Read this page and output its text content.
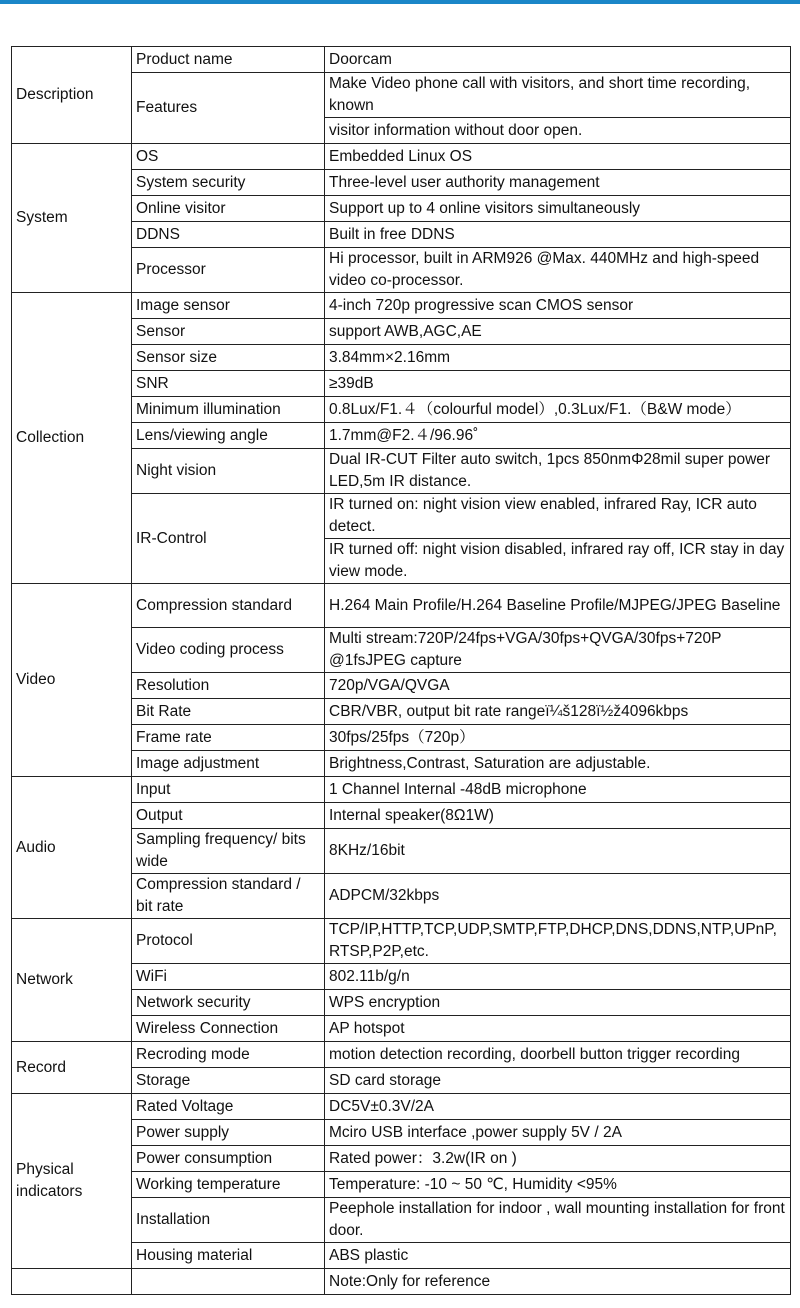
Description	Product name	Doorcam
	Features	Make Video phone call with visitors, and short time recording, known
		visitor information without door open.
System	OS	Embedded Linux OS
	System security	Three-level user authority management
	Online visitor	Support up to 4 online visitors simultaneously
	DDNS	Built in free DDNS
	Processor	Hi processor, built in ARM926 @Max. 440MHz and high-speed video co-processor.
Collection	Image sensor	4-inch 720p progressive scan CMOS sensor
	Sensor	support AWB,AGC,AE
	Sensor size	3.84mm×2.16mm
	SNR	≥39dB
	Minimum illumination	0.8Lux/F1.４（colourful model）,0.3Lux/F1.（B&W mode）
	Lens/viewing angle	1.7mm@F2.４/96.96˚
	Night vision	Dual IR-CUT Filter auto switch, 1pcs 850nmΦ28mil super power LED,5m IR distance.
	IR-Control	IR turned on: night vision view enabled, infrared Ray, ICR auto detect.
		IR turned off: night vision disabled, infrared ray off, ICR stay in day view mode.
Video	Compression standard	H.264 Main Profile/H.264 Baseline Profile/MJPEG/JPEG Baseline
	Video coding process	Multi stream:720P/24fps+VGA/30fps+QVGA/30fps+720P @1fsJPEG capture
	Resolution	720p/VGA/QVGA
	Bit Rate	CBR/VBR, output bit rate rangeï¼š128ï½ž4096kbps
	Frame rate	30fps/25fps（720p）
	Image adjustment	Brightness,Contrast, Saturation are adjustable.
Audio	Input	1 Channel Internal -48dB microphone
	Output	Internal speaker(8Ω1W)
	Sampling frequency/ bits wide	8KHz/16bit
	Compression standard / bit rate	ADPCM/32kbps
Network	Protocol	TCP/IP,HTTP,TCP,UDP,SMTP,FTP,DHCP,DNS,DDNS,NTP,UPnP,RTSP,P2P,etc.
	WiFi	802.11b/g/n
	Network security	WPS encryption
	Wireless Connection	AP hotspot
Record	Recroding mode	motion detection recording, doorbell button trigger recording
	Storage	SD card storage
Physical indicators	Rated Voltage	DC5V±0.3V/2A
	Power supply	Mciro USB interface ,power supply 5V / 2A
	Power consumption	Rated power：3.2w(IR on )
	Working temperature	Temperature: -10 ~ 50 ℃, Humidity <95%
	Installation	Peephole installation for indoor , wall mounting installation for front door.
	Housing material	ABS plastic
		Note:Only for reference
